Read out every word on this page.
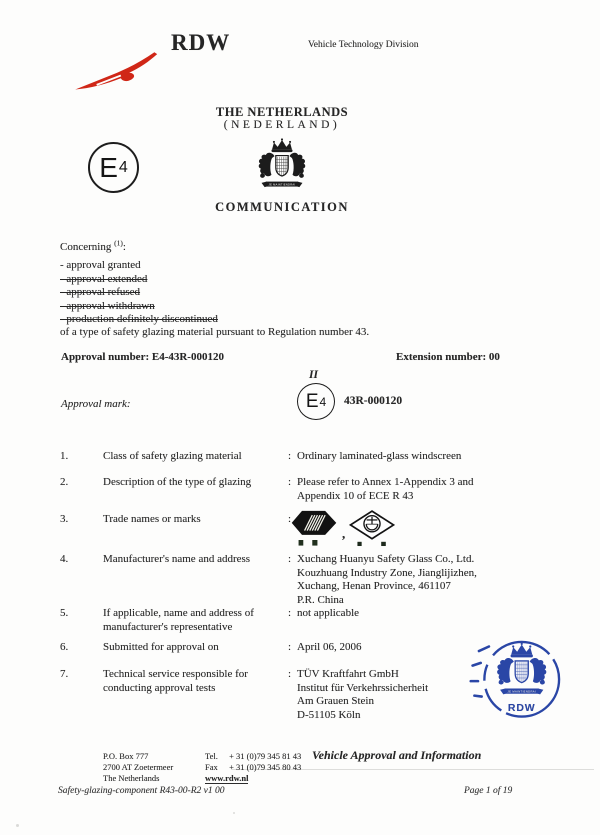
RDW	Vehicle Technology Division
THE NETHERLANDS
(NEDERLAND)
COMMUNICATION
E 4
Concerning $^{(1)}$:
- approval granted
- approval extended
- approval refused
- approval withdrawn
- production definitely discontinued
of a type of safety glazing material pursuant to Regulation number 43.
Approval number: E4-43R-000120	Extension number: 00
Approval mark:
II
E 4 43R-000120
1.	Class of safety glazing material	: Ordinary laminated-glass windscreen
2.	Description of the type of glazing	: Please refer to Annex 1-Appendix 3 and
Appendix 10 of ECE R 43
3.	Trade names or marks	:
,
4.	Manufacturer's name and address	: Xuchang Huanyu Safety Glass Co., Ltd.
Kouzhuang Industry Zone, Jianglijizhen,
Xuchang, Henan Province, 461107
P.R. China
5.	If applicable, name and address of
manufacturer's representative
: not applicable
6.	Submitted for approval on	: April 06, 2006
7.	Technical service responsible for
conducting approval tests
: TÜV Kraftfahrt GmbH
Institut für Verkehrssicherheit
Am Grauen Stein
D-51105 Köln	RDW
P.O. Box 777
2700 AT Zoetermeer
The Netherlands
Tel. + 31 (0)79 345 81 43
Fax + 31 (0)79 345 80 43
www.rdw.nl
Vehicle Approval and Information
Safety-glazing-component R43-00-R2 v1 00	Page 1 of 19
